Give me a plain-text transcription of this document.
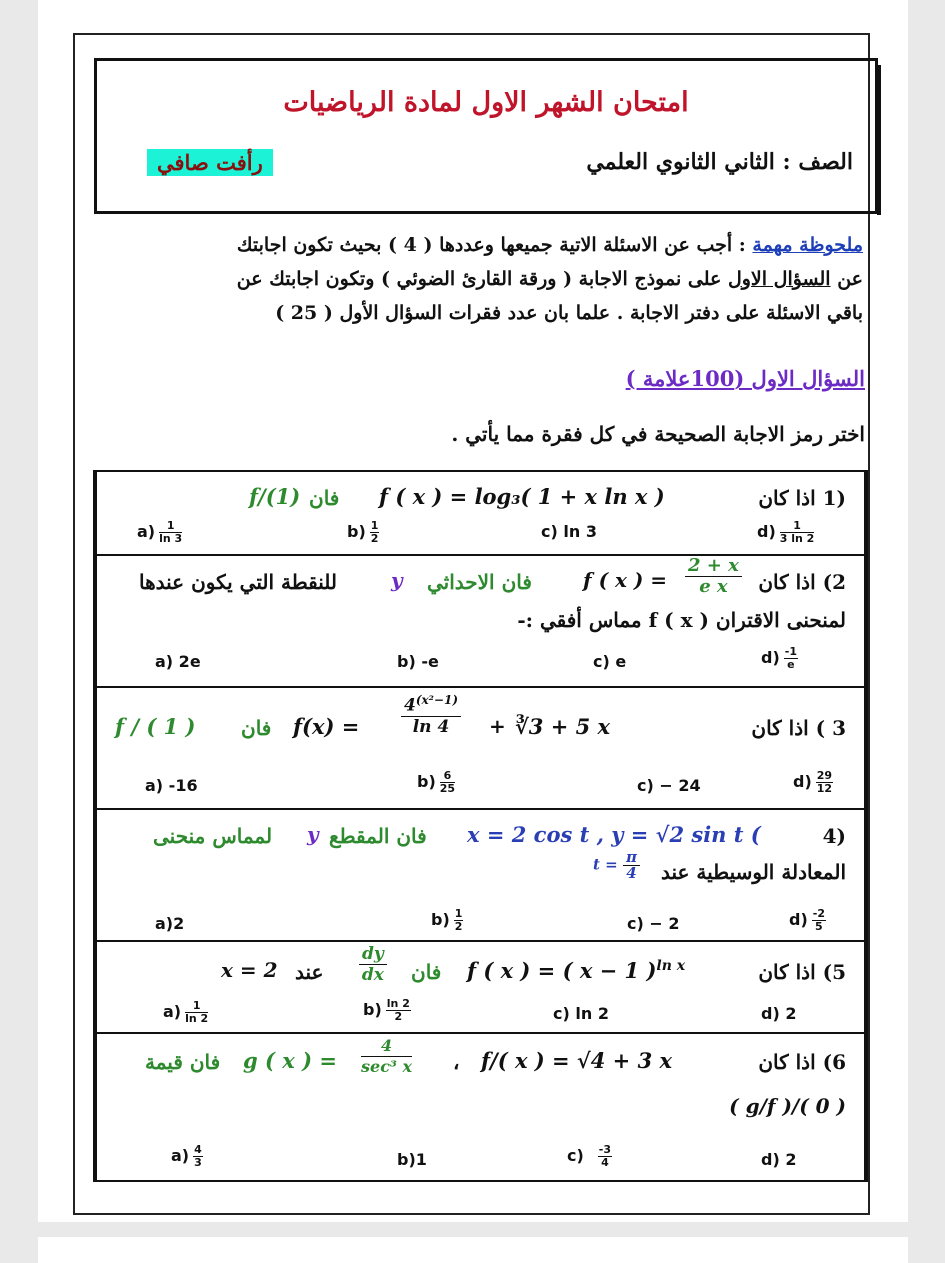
امتحان الشهر الاول لمادة الرياضيات
الصف : الثاني الثانوي العلمي
رأفت صافي
ملحوظة مهمة : أجب عن الاسئلة الاتية جميعها وعددها ( 4 ) بحيث تكون اجابتك
عن السؤال الاول على نموذج الاجابة ( ورقة القارئ الضوئي ) وتكون اجابتك عن
باقي الاسئلة على دفتر الاجابة . علما بان عدد فقرات السؤال الأول ( 25 )
السؤال الاول (100علامة )
اختر رمز الاجابة الصحيحة في كل فقرة مما يأتي .
(1 اذا كان
f ( x ) = log₃( 1 + x ln x )
فان
f/(1)
$a) \frac{1}{\ln 3}$	$b) \frac{1}{2}$	c) ln 3	$d) \frac{1}{3 \ln 2}$
2) اذا كان
$\frac{2 + x}{\text{e x}}$
f ( x ) =
فان الاحداثي
y
للنقطة التي يكون عندها
لمنحنى الاقتران ( f ( x مماس أفقي :-
a) 2e	b) -e	c) e	$d) \frac{-1}{e}$
3 ) اذا كان
∛3 + 5 x
+
$\frac{4^{(x^2-1)}}{\ln 4}$
f(x) =
فان
f / ( 1 )
a) -16	$b) \frac{6}{25}$	c) − 24	$d) \frac{29}{12}$
4)
x = 2 cos t , y = √2 sin t (
فان المقطع
y
لمماس منحنى
المعادلة الوسيطية عند
$t = \frac{\pi}{4}$
a)2	$b) \frac{1}{2}$	c) − 2	$d) \frac{-2}{5}$
5) اذا كان
f ( x ) = ( x − 1 )$^{ln x}$
فان
$\frac{dy}{dx}$
عند
x = 2
$a) \frac{1}{\ln 2}$	$b) \frac{\ln 2}{2}$	c) ln 2	d) 2
6) اذا كان
f/( x ) = √4 + 3 x
،
$\frac{4}{\text{sec³ x}}$
g ( x ) =
فان قيمة
( g/f )/( 0 )
$a) \frac{4}{3}$	b)1	$c) \frac{-3}{4}$	d) 2
